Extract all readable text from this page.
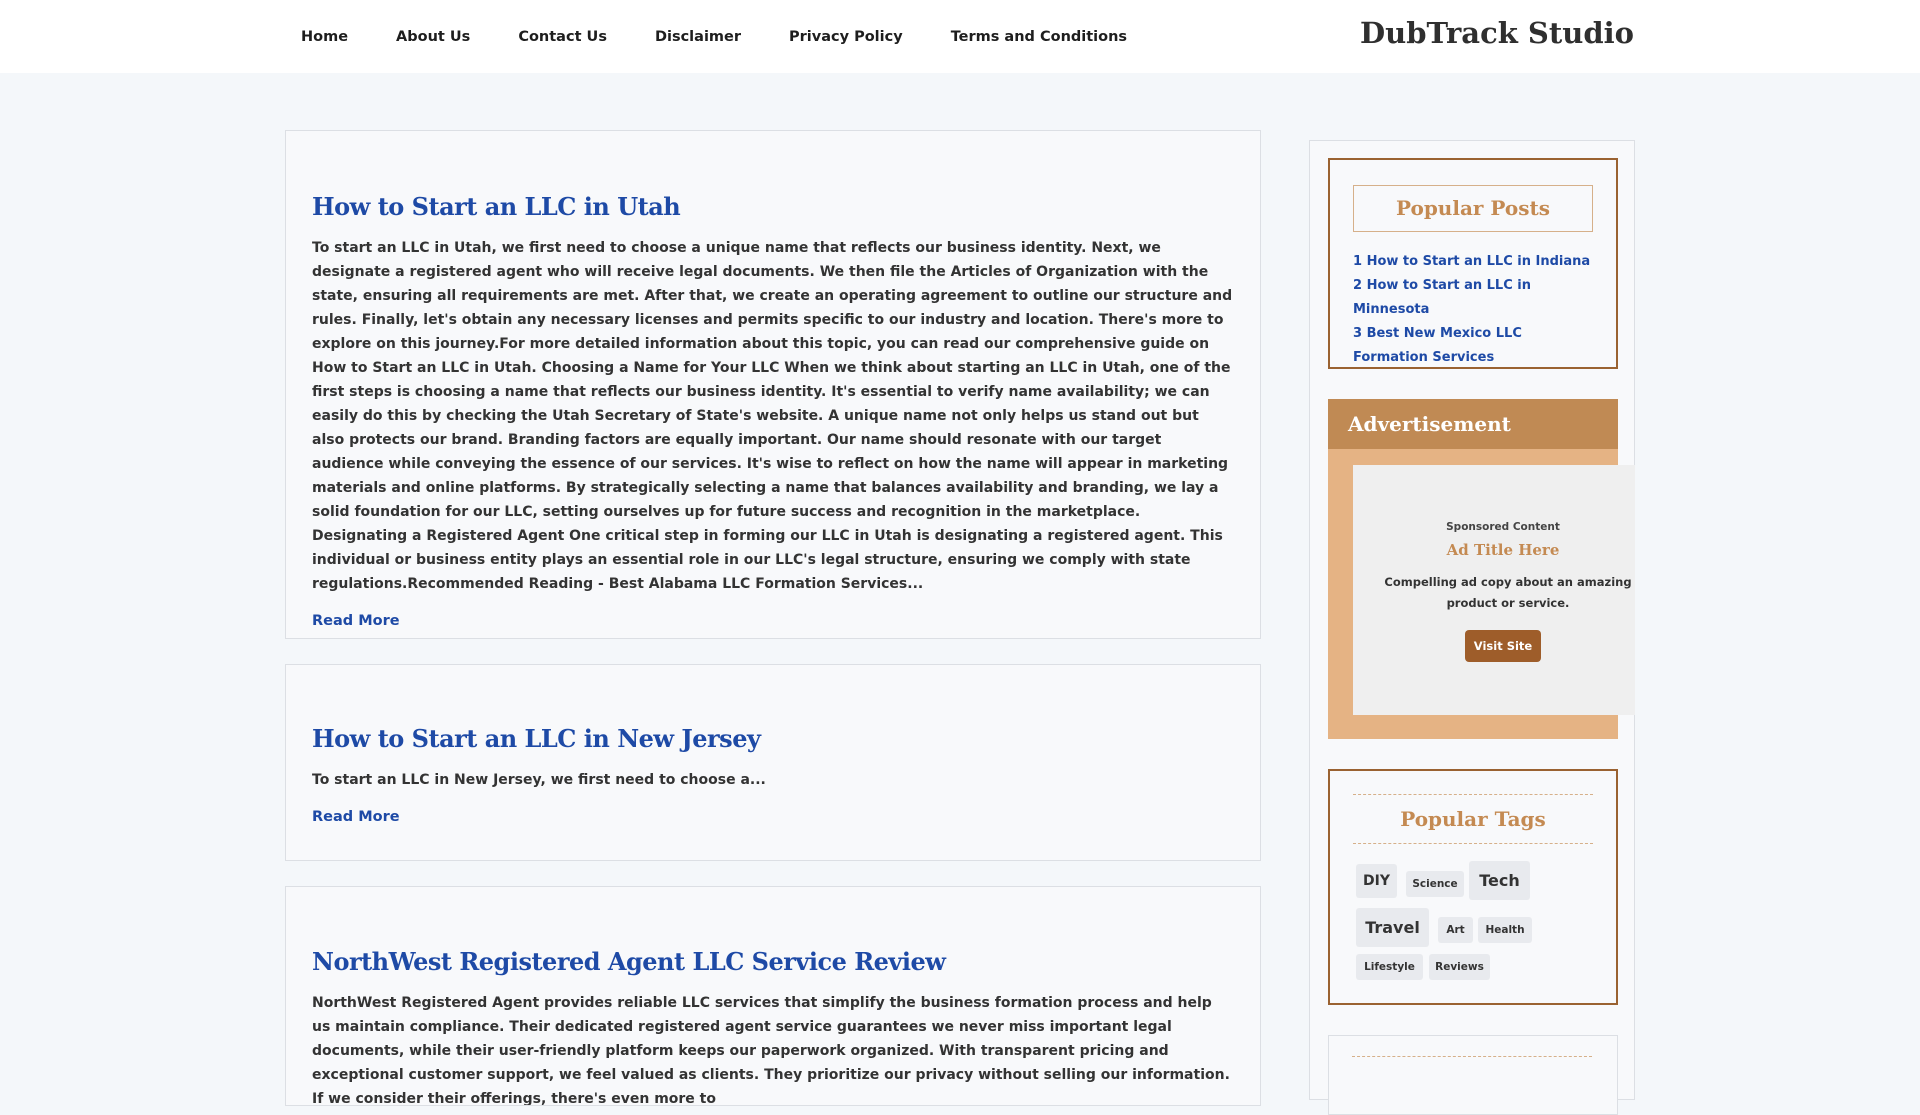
Home	About Us	Contact Us	Disclaimer	Privacy Policy	Terms and Conditions	DubTrack Studio
How to Start an LLC in Utah

To start an LLC in Utah, we first need to choose a unique name that reflects our business identity. Next, we designate a registered agent who will receive legal documents. We then file the Articles of Organization with the state, ensuring all requirements are met. After that, we create an operating agreement to outline our structure and rules. Finally, let's obtain any necessary licenses and permits specific to our industry and location. There's more to explore on this journey.For more detailed information about this topic, you can read our comprehensive guide on How to Start an LLC in Utah. Choosing a Name for Your LLC When we think about starting an LLC in Utah, one of the first steps is choosing a name that reflects our business identity. It's essential to verify name availability; we can easily do this by checking the Utah Secretary of State's website. A unique name not only helps us stand out but also protects our brand. Branding factors are equally important. Our name should resonate with our target audience while conveying the essence of our services. It's wise to reflect on how the name will appear in marketing materials and online platforms. By strategically selecting a name that balances availability and branding, we lay a solid foundation for our LLC, setting ourselves up for future success and recognition in the marketplace. Designating a Registered Agent One critical step in forming our LLC in Utah is designating a registered agent. This individual or business entity plays an essential role in our LLC's legal structure, ensuring we comply with state regulations.Recommended Reading - Best Alabama LLC Formation Services...

Read More
How to Start an LLC in New Jersey

To start an LLC in New Jersey, we first need to choose a...

Read More
NorthWest Registered Agent LLC Service Review

NorthWest Registered Agent provides reliable LLC services that simplify the business formation process and help us maintain compliance. Their dedicated registered agent service guarantees we never miss important legal documents, while their user-friendly platform keeps our paperwork organized. With transparent pricing and exceptional customer support, we feel valued as clients. They prioritize our privacy without selling our information. If we consider their offerings, there's even more to

Popular Posts
1 How to Start an LLC in Indiana
2 How to Start an LLC in Minnesota
3 Best New Mexico LLC Formation Services
Advertisement
Sponsored Content
Ad Title Here
Compelling ad copy about an amazing product or service.
Visit Site
Popular Tags
DIY	Science	Tech
Travel	Art	Health
Lifestyle	Reviews
